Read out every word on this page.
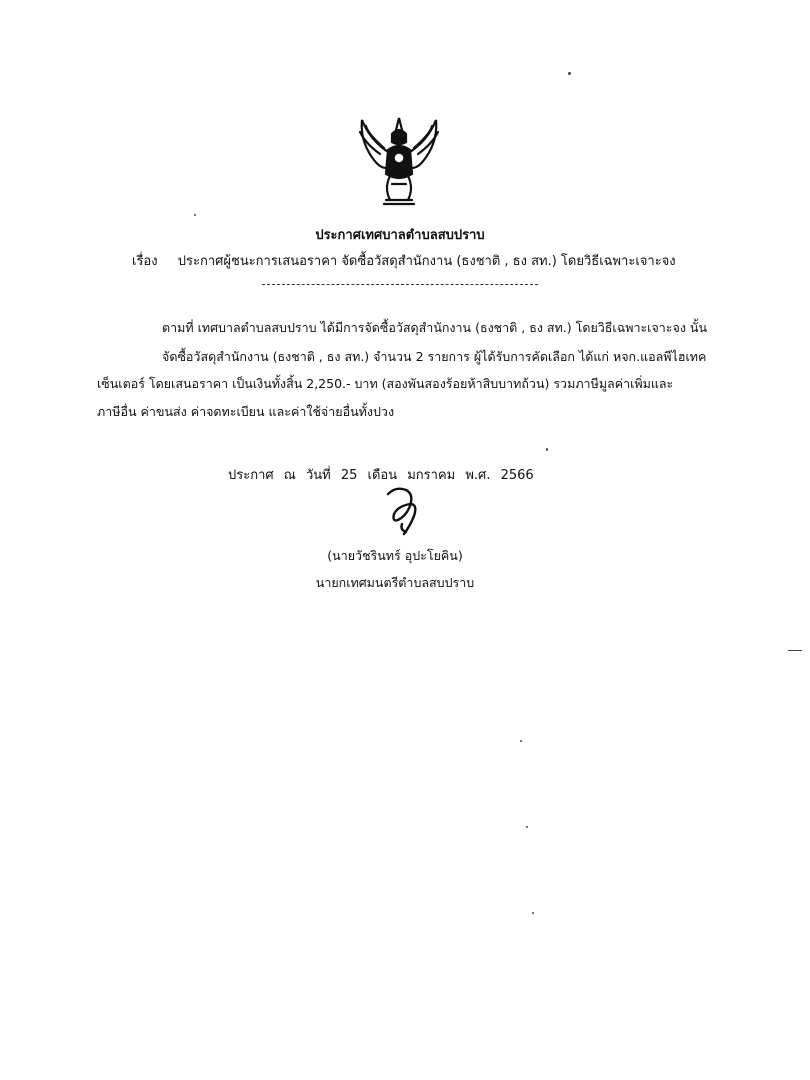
ประกาศเทศบาลตำบลสบปราบ
เรื่อง ประกาศผู้ชนะการเสนอราคา จัดซื้อวัสดุสำนักงาน (ธงชาติ , ธง สท.) โดยวิธีเฉพาะเจาะจง
ตามที่ เทศบาลตำบลสบปราบ ได้มีการจัดซื้อวัสดุสำนักงาน (ธงชาติ , ธง สท.) โดยวิธีเฉพาะเจาะจง นั้น
จัดซื้อวัสดุสำนักงาน (ธงชาติ , ธง สท.) จำนวน 2 รายการ ผู้ได้รับการคัดเลือก ได้แก่ หจก.แอลพีไฮเทค
เซ็นเตอร์ โดยเสนอราคา เป็นเงินทั้งสิ้น 2,250.- บาท (สองพันสองร้อยห้าสิบบาทถ้วน) รวมภาษีมูลค่าเพิ่มและ
ภาษีอื่น ค่าขนส่ง ค่าจดทะเบียน และค่าใช้จ่ายอื่นทั้งปวง
ประกาศ ณ วันที่ 25 เดือน มกราคม พ.ศ. 2566
(นายวัชรินทร์ อุปะโยคิน)
นายกเทศมนตรีตำบลสบปราบ
